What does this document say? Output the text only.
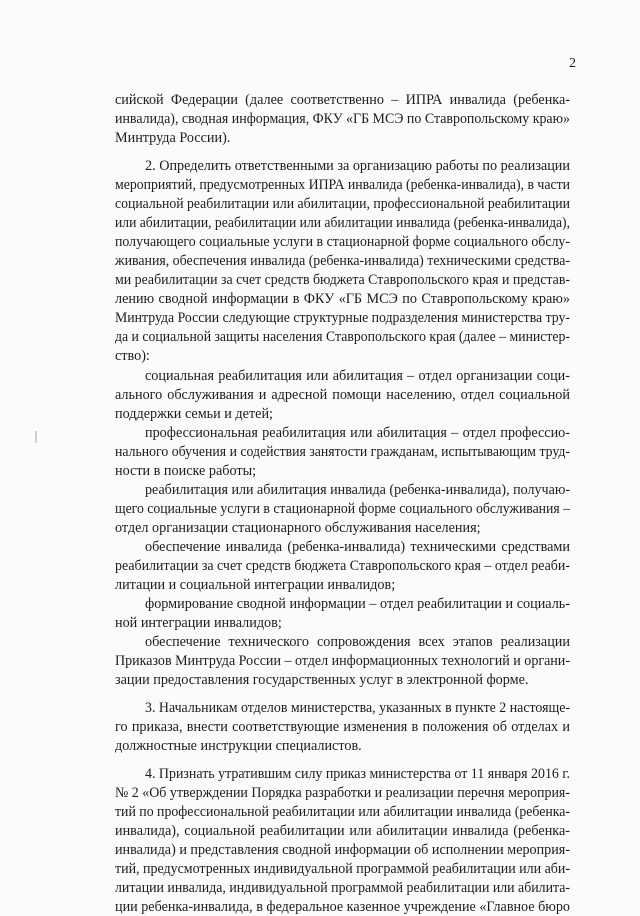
2
сийской Федерации (далее соответственно – ИПРА инвалида (ребенка-
инвалида), сводная информация, ФКУ «ГБ МСЭ по Ставропольскому краю»
Минтруда России).
2. Определить ответственными за организацию работы по реализации
мероприятий, предусмотренных ИПРА инвалида (ребенка-инвалида), в части
социальной реабилитации или абилитации, профессиональной реабилитации
или абилитации, реабилитации или абилитации инвалида (ребенка-инвалида),
получающего социальные услуги в стационарной форме социального обслу-
живания, обеспечения инвалида (ребенка-инвалида) техническими средства-
ми реабилитации за счет средств бюджета Ставропольского края и представ-
лению сводной информации в ФКУ «ГБ МСЭ по Ставропольскому краю»
Минтруда России следующие структурные подразделения министерства тру-
да и социальной защиты населения Ставропольского края (далее – министер-
ство):
социальная реабилитация или абилитация – отдел организации соци-
ального обслуживания и адресной помощи населению, отдел социальной
поддержки семьи и детей;
профессиональная реабилитация или абилитация – отдел профессио-
нального обучения и содействия занятости гражданам, испытывающим труд-
ности в поиске работы;
реабилитация или абилитация инвалида (ребенка-инвалида), получаю-
щего социальные услуги в стационарной форме социального обслуживания –
отдел организации стационарного обслуживания населения;
обеспечение инвалида (ребенка-инвалида) техническими средствами
реабилитации за счет средств бюджета Ставропольского края – отдел реаби-
литации и социальной интеграции инвалидов;
формирование сводной информации – отдел реабилитации и социаль-
ной интеграции инвалидов;
обеспечение технического сопровождения всех этапов реализации
Приказов Минтруда России – отдел информационных технологий и органи-
зации предоставления государственных услуг в электронной форме.
3. Начальникам отделов министерства, указанных в пункте 2 настояще-
го приказа, внести соответствующие изменения в положения об отделах и
должностные инструкции специалистов.
4. Признать утратившим силу приказ министерства от 11 января 2016 г.
№ 2 «Об утверждении Порядка разработки и реализации перечня мероприя-
тий по профессиональной реабилитации или абилитации инвалида (ребенка-
инвалида), социальной реабилитации или абилитации инвалида (ребенка-
инвалида) и представления сводной информации об исполнении мероприя-
тий, предусмотренных индивидуальной программой реабилитации или аби-
литации инвалида, индивидуальной программой реабилитации или абилита-
ции ребенка-инвалида, в федеральное казенное учреждение «Главное бюро
